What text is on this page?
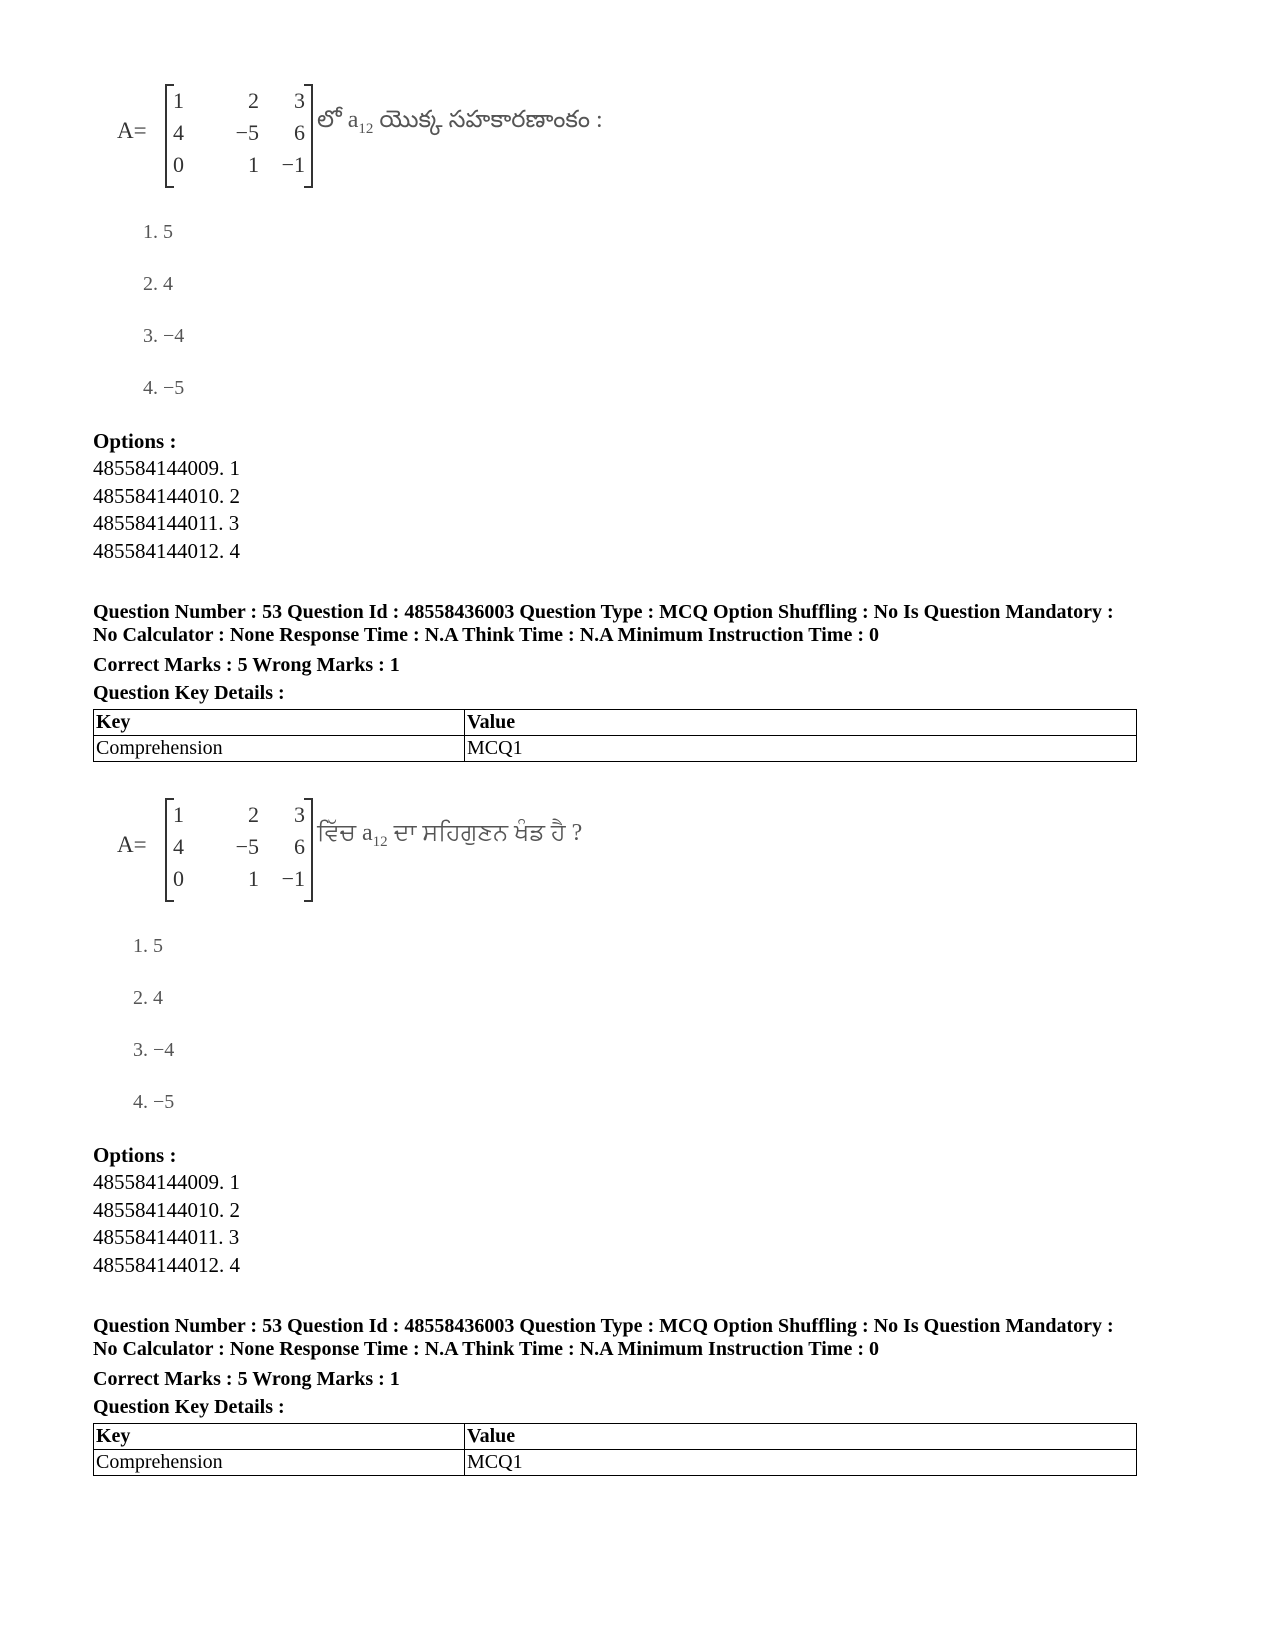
A=
1	2	3
4	−5	6
0	1	−1
లో $a_{12}$ యొక్క సహకారణాంకం :
1. 5
2. 4
3. −4
4. −5
Options :
485584144009. 1
485584144010. 2
485584144011. 3
485584144012. 4
Question Number : 53 Question Id : 48558436003 Question Type : MCQ Option Shuffling : No Is Question Mandatory :
No Calculator : None Response Time : N.A Think Time : N.A Minimum Instruction Time : 0
Correct Marks : 5 Wrong Marks : 1
Question Key Details :
Key	Value
Comprehension	MCQ1
A=
1	2	3
4	−5	6
0	1	−1
ਵਿੱਚ $a_{12}$ ਦਾ ਸਹਿਗੁਣਨ ਖੰਡ ਹੈ ?
1. 5
2. 4
3. −4
4. −5
Options :
485584144009. 1
485584144010. 2
485584144011. 3
485584144012. 4
Question Number : 53 Question Id : 48558436003 Question Type : MCQ Option Shuffling : No Is Question Mandatory :
No Calculator : None Response Time : N.A Think Time : N.A Minimum Instruction Time : 0
Correct Marks : 5 Wrong Marks : 1
Question Key Details :
Key	Value
Comprehension	MCQ1
